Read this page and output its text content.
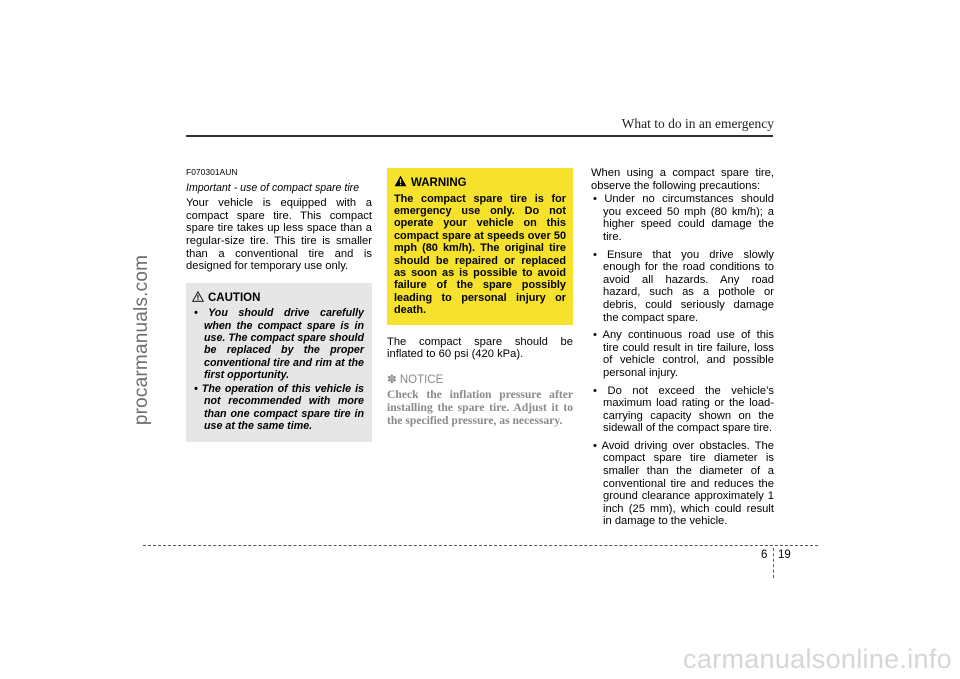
procarmanuals.com
carmanualsonline.info
What to do in an emergency
F070301AUN
Important - use of compact spare tire

Your vehicle is equipped with a compact spare tire. This compact spare tire takes up less space than a regular-size tire. This tire is smaller than a conventional tire and is designed for temporary use only.

CAUTION
• You should drive carefully when the compact spare is in use. The compact spare should be replaced by the proper conventional tire and rim at the first opportunity.
• The operation of this vehicle is not recommended with more than one compact spare tire in use at the same time.
WARNING

The compact spare tire is for emergency use only. Do not operate your vehicle on this compact spare at speeds over 50 mph (80 km/h). The original tire should be repaired or replaced as soon as is possible to avoid failure of the spare possibly leading to personal injury or death.

The compact spare should be inflated to 60 psi (420 kPa).

✽ NOTICE

Check the inflation pressure after installing the spare tire. Adjust it to the specified pressure, as necessary.

When using a compact spare tire, observe the following precautions:

• Under no circumstances should you exceed 50 mph (80 km/h); a higher speed could damage the tire.
• Ensure that you drive slowly enough for the road conditions to avoid all hazards. Any road hazard, such as a pothole or debris, could seriously damage the compact spare.
• Any continuous road use of this tire could result in tire failure, loss of vehicle control, and possible personal injury.
• Do not exceed the vehicle’s maximum load rating or the load-carrying capacity shown on the sidewall of the compact spare tire.
• Avoid driving over obstacles. The compact spare tire diameter is smaller than the diameter of a conventional tire and reduces the ground clearance approximately 1 inch (25 mm), which could result in damage to the vehicle.
6 19
